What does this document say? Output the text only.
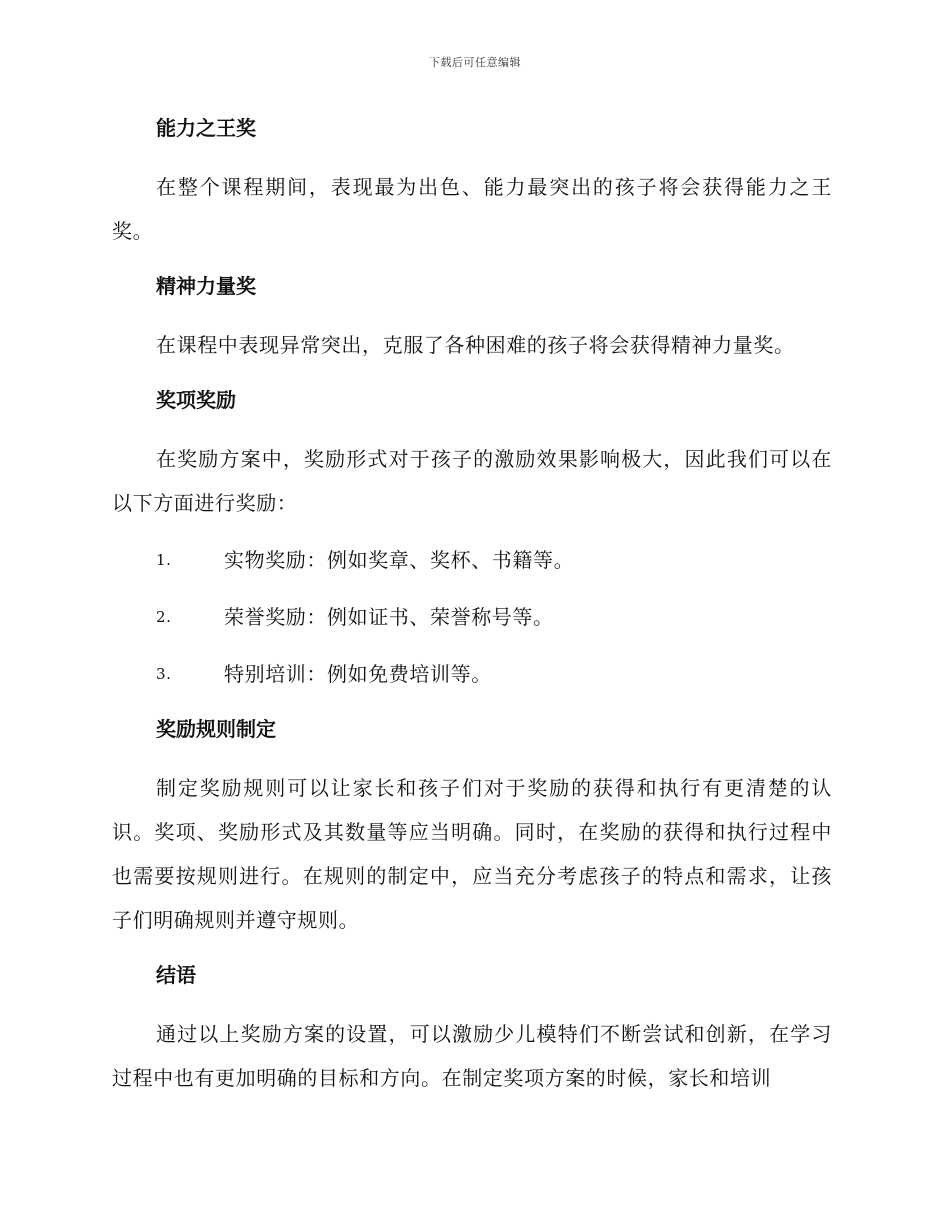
下载后可任意编辑
能力之王奖

在整个课程期间，表现最为出色、能力最突出的孩子将会获得能力之王奖。

精神力量奖

在课程中表现异常突出，克服了各种困难的孩子将会获得精神力量奖。

奖项奖励

在奖励方案中，奖励形式对于孩子的激励效果影响极大，因此我们可以在以下方面进行奖励：

1.	实物奖励：例如奖章、奖杯、书籍等。
2.	荣誉奖励：例如证书、荣誉称号等。
3.	特别培训：例如免费培训等。
奖励规则制定

制定奖励规则可以让家长和孩子们对于奖励的获得和执行有更清楚的认识。奖项、奖励形式及其数量等应当明确。同时，在奖励的获得和执行过程中也需要按规则进行。在规则的制定中，应当充分考虑孩子的特点和需求，让孩子们明确规则并遵守规则。

结语

通过以上奖励方案的设置，可以激励少儿模特们不断尝试和创新，在学习过程中也有更加明确的目标和方向。在制定奖项方案的时候，家长和培训
